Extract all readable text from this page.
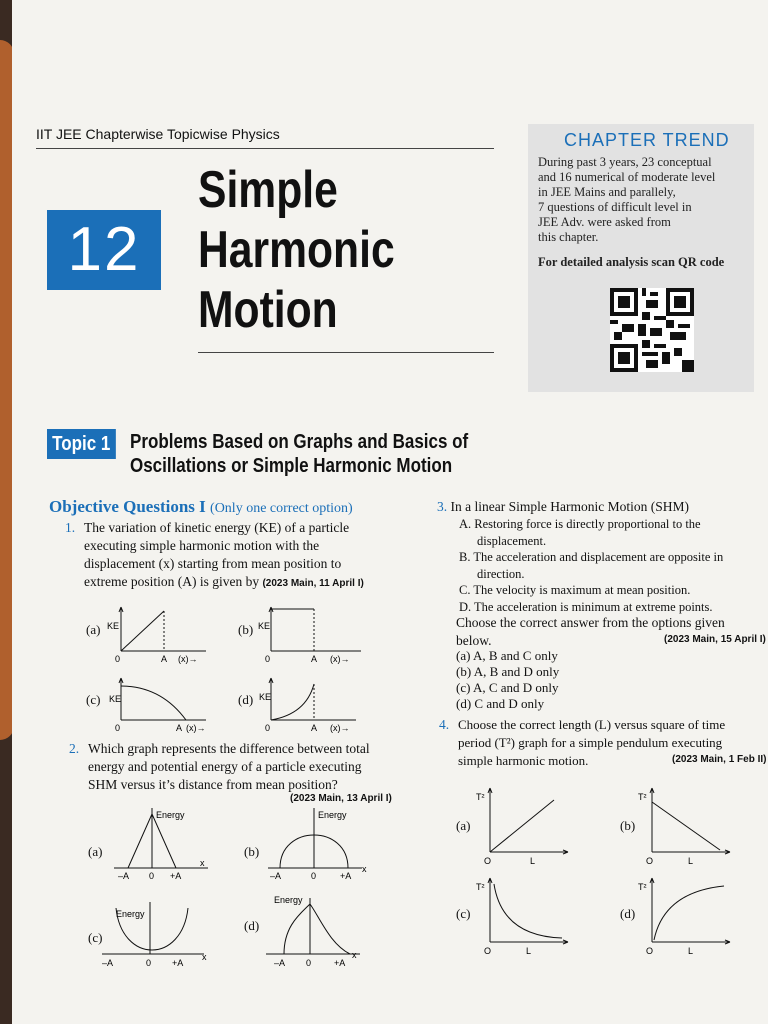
IIT JEE Chapterwise Topicwise Physics
12
Simple
Harmonic
Motion
CHAPTER TREND

During past 3 years, 23 conceptual

and 16 numerical of moderate level

in JEE Mains and parallely,

7 questions of difficult level in

JEE Adv. were asked from

this chapter.

For detailed analysis scan QR code

Topic 1 Problems Based on Graphs and Basics of
Oscillations or Simple Harmonic Motion
Objective Questions I (Only one correct option)
1. The variation of kinetic energy (KE) of a particle
executing simple harmonic motion with the
displacement (x) starting from mean position to
extreme position (A) is given by (2023 Main, 11 April I)
(a) KE
0	A (x)→
(b) KE
0	A (x)→
(c) KE
0	A (x)→
(d) KE
0	A (x)→
2. Which graph represents the difference between total
energy and potential energy of a particle executing
SHM versus it’s distance from mean position?
(2023 Main, 13 April I)
(a)
Energy
–A 0 +A
x
(b)
Energy
–A	0	+A
x
(c)
Energy
–A	0 +A
x
(d)
Energy
–A 0	+A
x
3. In a linear Simple Harmonic Motion (SHM)
A. Restoring force is directly proportional to the
displacement.
B. The acceleration and displacement are opposite in
direction.
C. The velocity is maximum at mean position.
D. The acceleration is minimum at extreme points.
Choose the correct answer from the options given
below.	(2023 Main, 15 April I)
(a) A, B and C only
(b) A, B and D only
(c) A, C and D only
(d) C and D only
4. Choose the correct length (L) versus square of time
period (T²) graph for a simple pendulum executing
simple harmonic motion.	(2023 Main, 1 Feb II)
(a)
T²
O	L
(b)
T²
O	L
(c)
T²
O	L
(d)
T²
O	L
